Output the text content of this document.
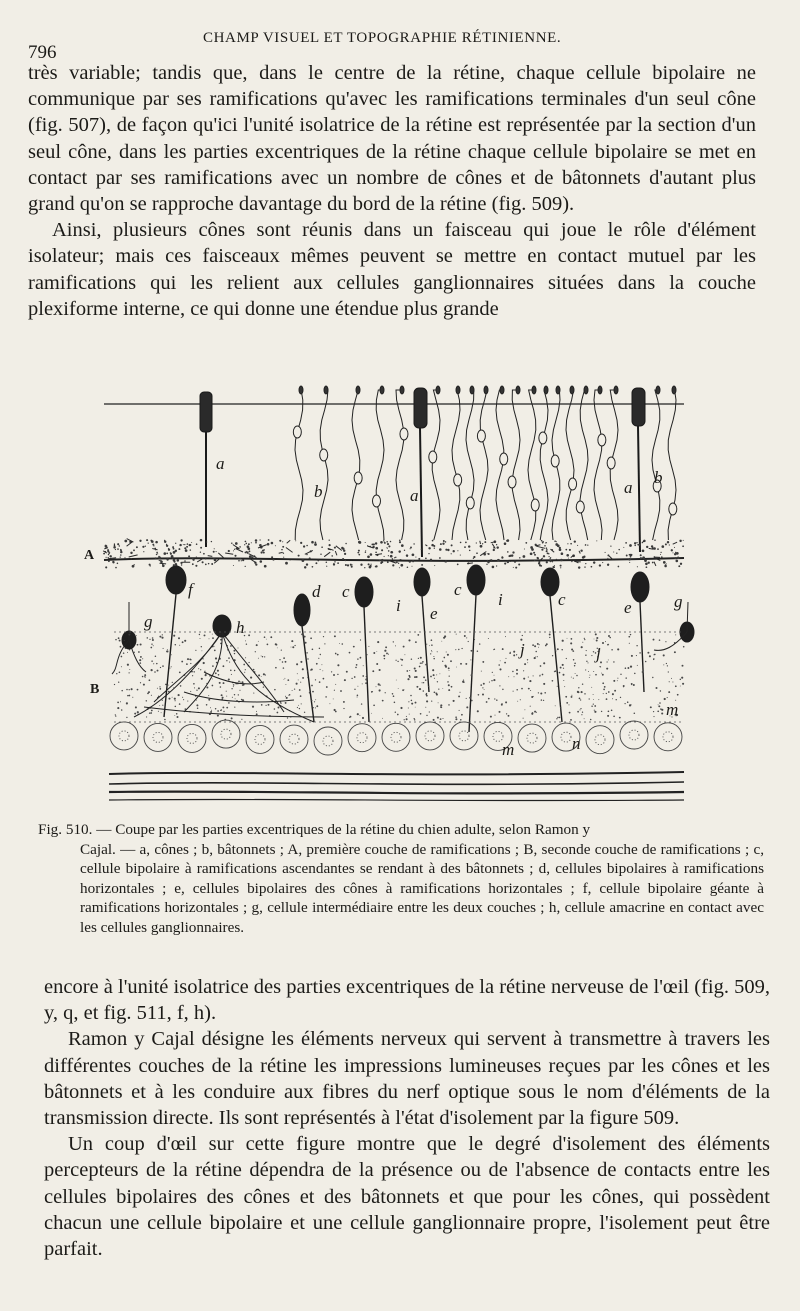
796
CHAMP VISUEL ET TOPOGRAPHIE RÉTINIENNE.

très variable; tandis que, dans le centre de la rétine, chaque cellule bipolaire ne communique par ses ramifications qu'avec les ramifications terminales d'un seul cône (fig. 507), de façon qu'ici l'unité isolatrice de la rétine est représentée par la section d'un seul cône, dans les parties excentriques de la rétine chaque cellule bipolaire se met en contact par ses ramifications avec un nombre de cônes et de bâtonnets d'autant plus grand qu'on se rapproche davantage du bord de la rétine (fig. 509).

Ainsi, plusieurs cônes sont réunis dans un faisceau qui joue le rôle d'élément isolateur; mais ces faisceaux mêmes peuvent se mettre en contact mutuel par les ramifications qui les relient aux cellules ganglionnaires situées dans la couche plexiforme interne, ce qui donne une étendue plus grande

a
b	a	a
b
A
B
f
g
g
h
d c	c
c
i	i
e	e
j	j
m
m	n
Fig. 510. — Coupe par les parties excentriques de la rétine du chien adulte, selon Ramon y
Cajal. — a, cônes ; b, bâtonnets ; A, première couche de ramifications ; B, seconde couche de ramifications ; c, cellule bipolaire à ramifications ascendantes se rendant à des bâtonnets ; d, cellules bipolaires à ramifications horizontales ; e, cellules bipolaires des cônes à ramifications horizontales ; f, cellule bipolaire géante à ramifications horizontales ; g, cellule intermédiaire entre les deux couches ; h, cellule amacrine en contact avec les cellules ganglionnaires.

encore à l'unité isolatrice des parties excentriques de la rétine nerveuse de l'œil (fig. 509, y, q, et fig. 511, f, h).

Ramon y Cajal désigne les éléments nerveux qui servent à transmettre à travers les différentes couches de la rétine les impressions lumineuses reçues par les cônes et les bâtonnets et à les conduire aux fibres du nerf optique sous le nom d'éléments de la transmission directe. Ils sont représentés à l'état d'isolement par la figure 509.

Un coup d'œil sur cette figure montre que le degré d'isolement des éléments percepteurs de la rétine dépendra de la présence ou de l'absence de contacts entre les cellules bipolaires des cônes et des bâtonnets et que pour les cônes, qui possèdent chacun une cellule bipolaire et une cellule ganglionnaire propre, l'isolement peut être parfait.
